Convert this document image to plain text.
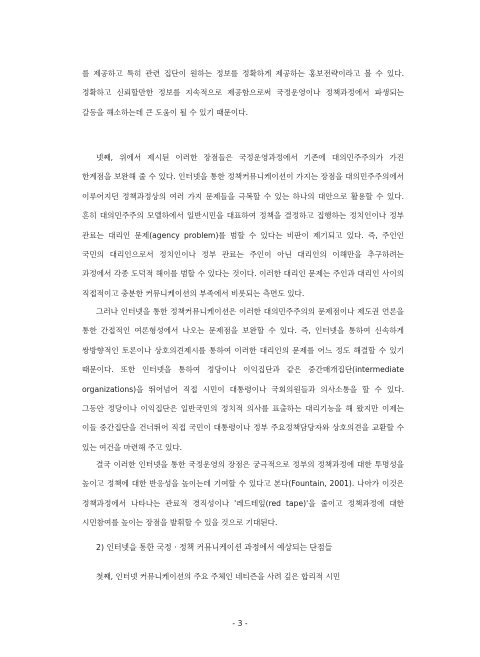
를 제공하고 특히 관련 집단이 원하는 정보를 정확하게 제공하는 홍보전략이라고 볼 수 있다. 정확하고 신뢰할만한 정보를 지속적으로 제공함으로써 국정운영이나 정책과정에서 파생되는 갈등을 해소하는데 큰 도움이 될 수 있기 때문이다.

넷째, 위에서 제시된 이러한 장점들은 국정운영과정에서 기존에 대의민주주의가 가진 한계점을 보완해 줄 수 있다. 인터넷을 통한 정책커뮤니케이션이 가지는 장점을 대의민주주의에서 이루어지던 정책과정상의 여러 가지 문제들을 극복할 수 있는 하나의 대안으로 활용할 수 있다. 흔히 대의민주주의 모델하에서 일반시민을 대표하여 정책을 결정하고 집행하는 정치인이나 정부 관료는 대리인 문제(agency problem)를 범할 수 있다는 비판이 제기되고 있다. 즉, 주인인 국민의 대리인으로서 정치인이나 정부 관료는 주인이 아닌 대리인의 이해만을 추구하려는 과정에서 각종 도덕적 해이를 범할 수 있다는 것이다. 이러한 대리인 문제는 주인과 대리인 사이의 직접적이고 충분한 커뮤니케이션의 부족에서 비롯되는 측면도 있다.

그러나 인터넷을 통한 정책커뮤니케이션은 이러한 대의민주주의의 문제점이나 제도권 언론을 통한 간접적인 여론형성에서 나오는 문제점을 보완할 수 있다. 즉, 인터넷을 통하여 신속하게 쌍방향적인 토론이나 상호의견제시를 통하여 이러한 대리인의 문제를 어느 정도 해결할 수 있기 때문이다. 또한 인터넷을 통하여 정당이나 이익집단과 같은 중간매개집단(intermediate organizations)을 뛰어넘어 직접 시민이 대통령이나 국회의원들과 의사소통을 할 수 있다. 그동안 정당이나 이익집단은 일반국민의 정치적 의사를 표출하는 대리기능을 해 왔지만 이제는 이들 중간집단을 건너뛰어 직접 국민이 대통령이나 정부 주요정책담당자와 상호의견을 교환할 수 있는 여건을 마련해 주고 있다.

결국 이러한 인터넷을 통한 국정운영의 장점은 궁극적으로 정부의 정책과정에 대한 투명성을 높이고 정책에 대한 반응성을 높이는데 기여할 수 있다고 본다(Fountain, 2001). 나아가 이것은 정책과정에서 나타나는 관료적 경직성이나 '레드테잎(red tape)'을 줄이고 정책과정에 대한 시민참여를 높이는 장점을 발휘할 수 있을 것으로 기대된다.

2) 인터넷을 통한 국정 · 정책 커뮤니케이션 과정에서 예상되는 단점들

첫째, 인터넷 커뮤니케이션의 주요 주체인 네티즌을 사려 깊은 합리적 시민

- 3 -
